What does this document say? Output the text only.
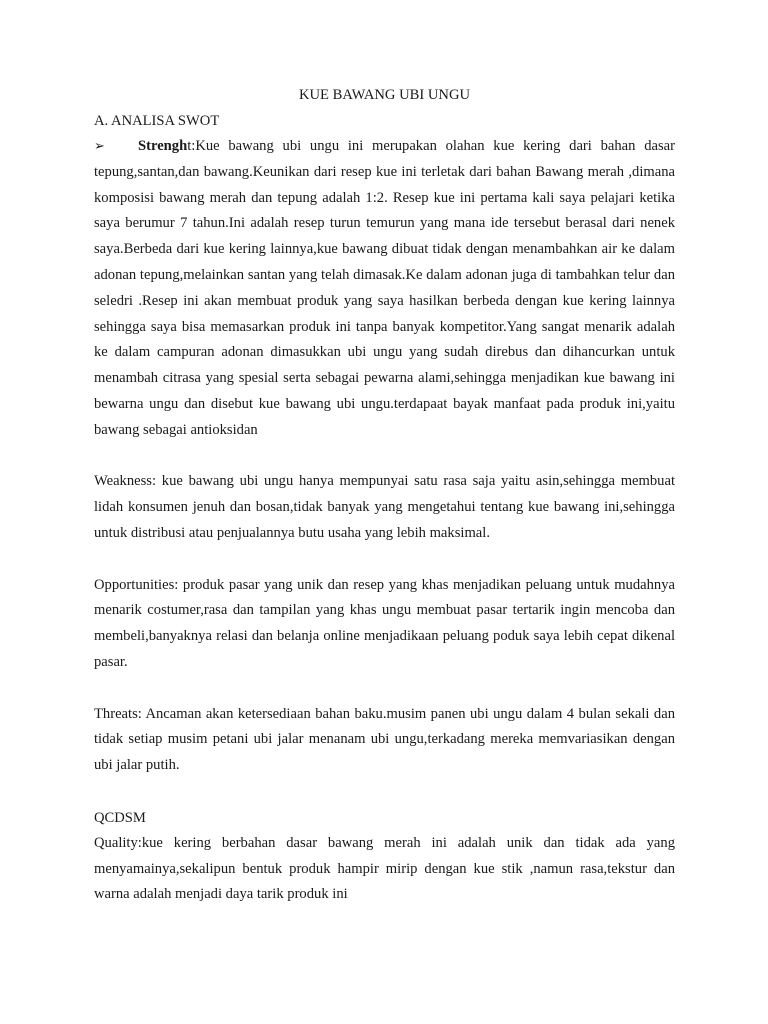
KUE BAWANG UBI UNGU

A. ANALISA SWOT

➢ Strenght:Kue bawang ubi ungu ini merupakan olahan kue kering dari bahan dasar tepung,santan,dan bawang.Keunikan dari resep kue ini terletak dari bahan Bawang merah ,dimana komposisi bawang merah dan tepung adalah 1:2. Resep kue ini pertama kali saya pelajari ketika saya berumur 7 tahun.Ini adalah resep turun temurun yang mana ide tersebut berasal dari nenek saya.Berbeda dari kue kering lainnya,kue bawang dibuat tidak dengan menambahkan air ke dalam adonan tepung,melainkan santan yang telah dimasak.Ke dalam adonan juga di tambahkan telur dan seledri .Resep ini akan membuat produk yang saya hasilkan berbeda dengan kue kering lainnya sehingga saya bisa memasarkan produk ini tanpa banyak kompetitor.Yang sangat menarik adalah ke dalam campuran adonan dimasukkan ubi ungu yang sudah direbus dan dihancurkan untuk menambah citrasa yang spesial serta sebagai pewarna alami,sehingga menjadikan kue bawang ini bewarna ungu dan disebut kue bawang ubi ungu.terdapaat bayak manfaat pada produk ini,yaitu bawang sebagai antioksidan

Weakness: kue bawang ubi ungu hanya mempunyai satu rasa saja yaitu asin,sehingga membuat lidah konsumen jenuh dan bosan,tidak banyak yang mengetahui tentang kue bawang ini,sehingga untuk distribusi atau penjualannya butu usaha yang lebih maksimal.

Opportunities: produk pasar yang unik dan resep yang khas menjadikan peluang untuk mudahnya menarik costumer,rasa dan tampilan yang khas ungu membuat pasar tertarik ingin mencoba dan membeli,banyaknya relasi dan belanja online menjadikaan peluang poduk saya lebih cepat dikenal pasar.

Threats: Ancaman akan ketersediaan bahan baku.musim panen ubi ungu dalam 4 bulan sekali dan tidak setiap musim petani ubi jalar menanam ubi ungu,terkadang mereka memvariasikan dengan ubi jalar putih.

QCDSM

Quality:kue kering berbahan dasar bawang merah ini adalah unik dan tidak ada yang menyamainya,sekalipun bentuk produk hampir mirip dengan kue stik ,namun rasa,tekstur dan warna adalah menjadi daya tarik produk ini
